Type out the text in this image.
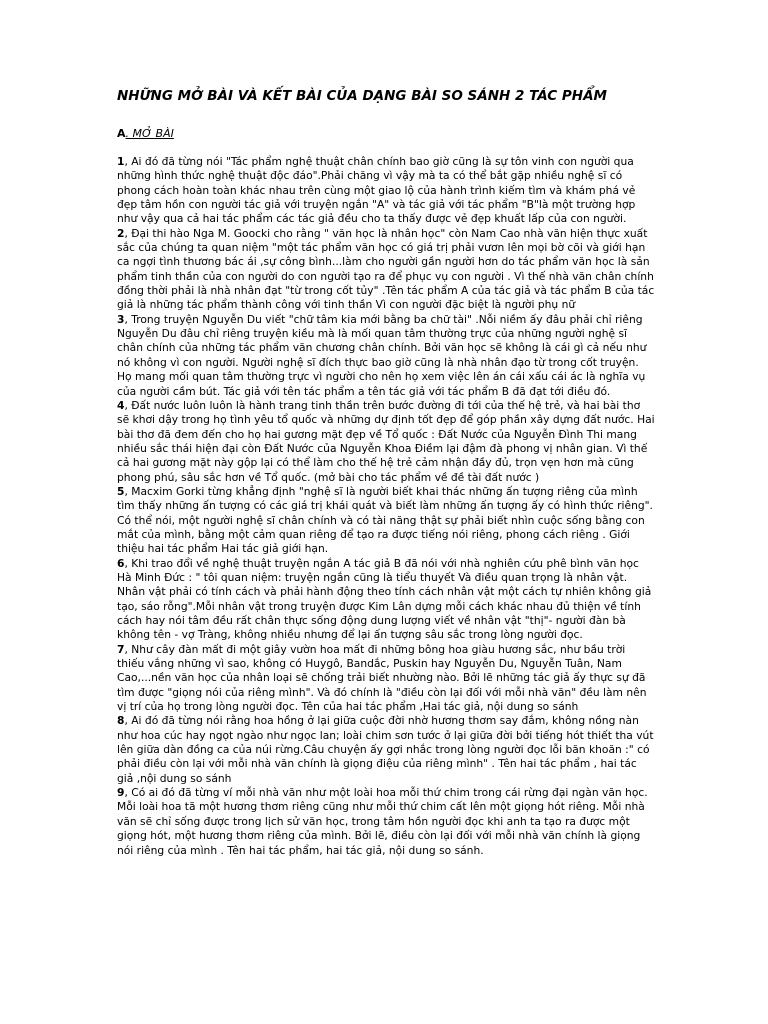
NHỮNG MỞ BÀI VÀ KẾT BÀI CỦA DẠNG BÀI SO SÁNH 2 TÁC PHẨM
A. MỞ BÀI

1, Ai đó đã từng nói "Tác phẩm nghệ thuật chân chính bao giờ cũng là sự tôn vinh con người qua những hình thức nghệ thuật độc đáo".Phải chăng vì vậy mà ta có thể bắt gặp nhiều nghệ sĩ có phong cách hoàn toàn khác nhau trên cùng một giao lộ của hành trình kiếm tìm và khám phá vẻ đẹp tâm hồn con người tác giả với truyện ngắn "A" và tác giả với tác phẩm "B"là một trường hợp như vậy qua cả hai tác phẩm các tác giả đều cho ta thấy được vẻ đẹp khuất lấp của con người.

2, Đại thi hào Nga M. Goocki cho rằng " văn học là nhân học" còn Nam Cao nhà văn hiện thực xuất sắc của chúng ta quan niệm "một tác phẩm văn học có giá trị phải vươn lên mọi bờ cõi và giới hạn ca ngợi tình thương bác ái ,sự công bình...làm cho người gần người hơn do tác phẩm văn học là sản phẩm tinh thần của con người do con người tạo ra để phục vụ con người . Vì thế nhà văn chân chính đồng thời phải là nhà nhân đạt "từ trong cốt tủy" .Tên tác phẩm A của tác giả và tác phẩm B của tác giả là những tác phẩm thành công với tinh thần Vì con người đặc biệt là người phụ nữ

3, Trong truyện Nguyễn Du viết "chữ tâm kia mới bằng ba chữ tài" .Nỗi niềm ấy đâu phải chỉ riêng Nguyễn Du đâu chỉ riêng truyện kiều mà là mối quan tâm thường trực của những người nghệ sĩ chân chính của những tác phẩm văn chương chân chính. Bởi văn học sẽ không là cái gì cả nếu như nó không vì con người. Người nghệ sĩ đích thực bao giờ cũng là nhà nhân đạo từ trong cốt truyện. Họ mang mối quan tâm thường trực vì người cho nên họ xem việc lên án cái xấu cái ác là nghĩa vụ của người cầm bút. Tác giả với tên tác phẩm a tên tác giả với tác phẩm B đã đạt tới điều đó.

4, Đất nước luôn luôn là hành trang tinh thần trên bước đường đi tới của thế hệ trẻ, và hai bài thơ sẽ khơi dậy trong họ tình yêu tổ quốc và những dự định tốt đẹp để góp phần xây dựng đất nước. Hai bài thơ đã đem đến cho họ hai gương mặt đẹp về Tổ quốc : Đất Nước của Nguyễn Đình Thi mang nhiều sắc thái hiện đại còn Đất Nước của Nguyễn Khoa Điềm lại đậm đà phong vị nhân gian. Vì thế cả hai gương mặt này gộp lại có thể làm cho thế hệ trẻ cảm nhận đầy đủ, trọn vẹn hơn mà cũng phong phú, sâu sắc hơn về Tổ quốc. (mở bài cho tác phẩm về đề tài đất nước )

5, Macxim Gorki từng khẳng định "nghệ sĩ là người biết khai thác những ấn tượng riêng của mình tìm thấy những ấn tượng có các giá trị khái quát và biết làm những ấn tượng ấy có hình thức riêng". Có thể nói, một người nghệ sĩ chân chính và có tài năng thật sự phải biết nhìn cuộc sống bằng con mắt của mình, bằng một cảm quan riêng để tạo ra được tiếng nói riêng, phong cách riêng . Giới thiệu hai tác phẩm Hai tác giả giới hạn.

6, Khi trao đổi về nghệ thuật truyện ngắn A tác giả B đã nói với nhà nghiên cứu phê bình văn học Hà Minh Đức : " tôi quan niệm: truyện ngắn cũng là tiểu thuyết Và điều quan trọng là nhân vật. Nhân vật phải có tính cách và phải hành động theo tính cách nhân vật một cách tự nhiên không giả tạo, sáo rỗng".Mỗi nhân vật trong truyện được Kim Lân dựng mỗi cách khác nhau đủ thiện về tính cách hay nói tâm đều rất chân thực sống động dung lượng viết về nhân vật "thị"- người đàn bà không tên - vợ Tràng, không nhiều nhưng để lại ấn tượng sâu sắc trong lòng người đọc.

7, Như cây đàn mất đi một giây vườn hoa mất đi những bông hoa giàu hương sắc, như bầu trời thiếu vắng những vì sao, không có Huygô, Bandắc, Puskin hay Nguyễn Du, Nguyễn Tuân, Nam Cao,...nền văn học của nhân loại sẽ chống trải biết nhường nào. Bởi lẽ những tác giả ấy thực sự đã tìm được "giọng nói của riêng mình". Và đó chính là "điều còn lại đối với mỗi nhà văn" đều làm nên vị trí của họ trong lòng người đọc. Tên của hai tác phẩm ,Hai tác giả, nội dung so sánh

8, Ai đó đã từng nói rằng hoa hồng ở lại giữa cuộc đời nhờ hương thơm say đắm, không nồng nàn như hoa cúc hay ngọt ngào như ngọc lan; loài chim sơn tước ở lại giữa đời bởi tiếng hót thiết tha vút lên giữa dàn đồng ca của núi rừng.Câu chuyện ấy gợi nhắc trong lòng người đọc lỗi băn khoăn :" có phải điều còn lại với mỗi nhà văn chính là giọng điệu của riêng mình" . Tên hai tác phẩm , hai tác giả ,nội dung so sánh

9, Có ai đó đã từng ví mỗi nhà văn như một loài hoa mỗi thứ chim trong cái rừng đại ngàn văn học. Mỗi loài hoa tã một hương thơm riêng cũng như mỗi thứ chim cất lên một giọng hót riêng. Mỗi nhà văn sẽ chỉ sống được trong lịch sử văn học, trong tâm hồn người đọc khi anh ta tạo ra được một giọng hót, một hương thơm riêng của mình. Bởi lẽ, điều còn lại đối với mỗi nhà văn chính là giọng nói riêng của mình . Tên hai tác phẩm, hai tác giả, nội dung so sánh.
